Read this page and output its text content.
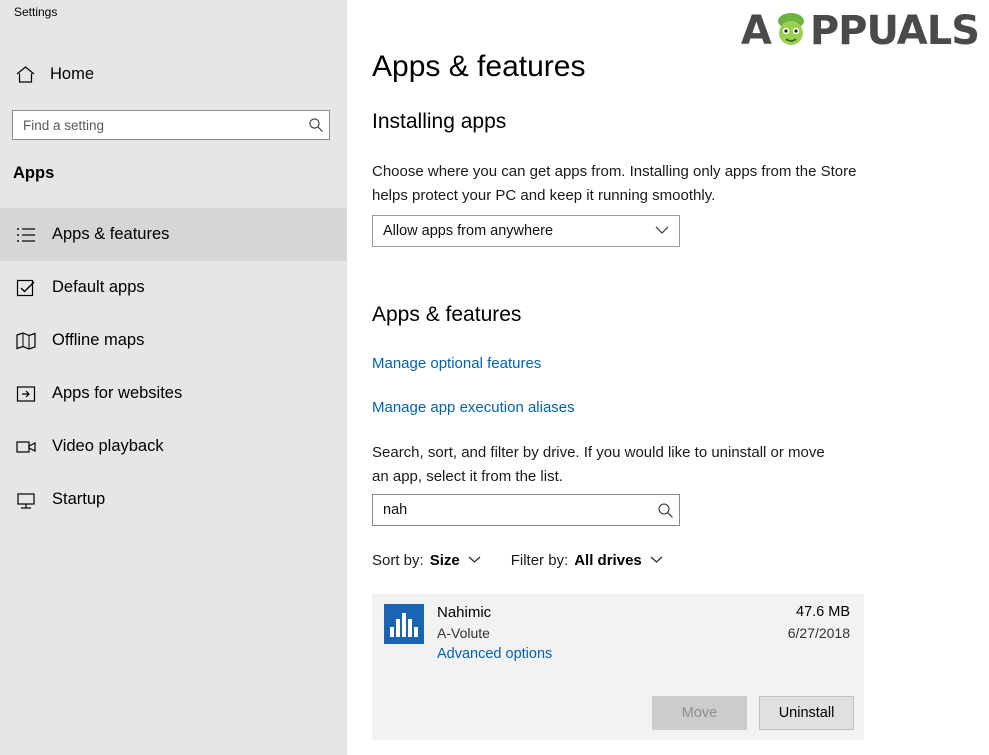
Settings
Home
Find a setting
Apps
Apps & features
Default apps
Offline maps
Apps for websites
Video playback
Startup
Apps & features
Installing apps
Choose where you can get apps from. Installing only apps from the Store helps protect your PC and keep it running smoothly.
Allow apps from anywhere
Apps & features
Manage optional features
Manage app execution aliases
Search, sort, and filter by drive. If you would like to uninstall or move an app, select it from the list.
nah
Sort by: Size	Filter by: All drives
Nahimic
A-Volute
Advanced options
47.6 MB
6/27/2018
Move	Uninstall
A PPUALS
